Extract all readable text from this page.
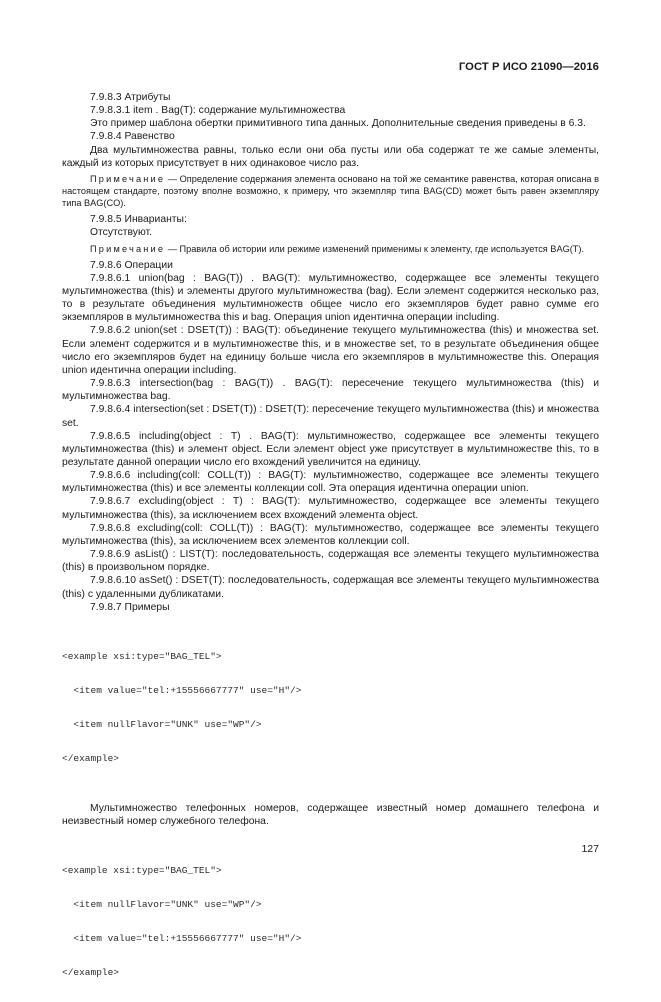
ГОСТ Р ИСО 21090—2016

7.9.8.3 Атрибуты

7.9.8.3.1 item . Bag(T): содержание мультимножества

Это пример шаблона обертки примитивного типа данных. Дополнительные сведения приведены в 6.3.

7.9.8.4 Равенство

Два мультимножества равны, только если они оба пусты или оба содержат те же самые элементы, каждый из которых присутствует в них одинаковое число раз.

Примечание — Определение содержания элемента основано на той же семантике равенства, которая описана в настоящем стандарте, поэтому вполне возможно, к примеру, что экземпляр типа BAG(CD) может быть равен экземпляру типа BAG(CO).

7.9.8.5 Инварианты:

Отсутствуют.

Примечание — Правила об истории или режиме изменений применимы к элементу, где используется BAG(T).

7.9.8.6 Операции

7.9.8.6.1 union(bag : BAG(T)) . BAG(T): мультимножество, содержащее все элементы текущего мультимножества (this) и элементы другого мультимножества (bag). Если элемент содержится несколько раз, то в результате объединения мультимножеств общее число его экземпляров будет равно сумме его экземпляров в мультимножества this и bag. Операция union идентична операции including.

7.9.8.6.2 union(set : DSET(T)) : BAG(T): объединение текущего мультимножества (this) и множества set. Если элемент содержится и в мультимножестве this, и в множестве set, то в результате объединения общее число его экземпляров будет на единицу больше числа его экземпляров в мультимножестве this. Операция union идентична операции including.

7.9.8.6.3 intersection(bag : BAG(T)) . BAG(T): пересечение текущего мультимножества (this) и мультимножества bag.

7.9.8.6.4 intersection(set : DSET(T)) : DSET(T): пересечение текущего мультимножества (this) и множества set.

7.9.8.6.5 including(object : T) . BAG(T): мультимножество, содержащее все элементы текущего мультимножества (this) и элемент object. Если элемент object уже присутствует в мультимножестве this, то в результате данной операции число его вхождений увеличится на единицу.

7.9.8.6.6 including(coll: COLL(T)) : BAG(T): мультимножество, содержащее все элементы текущего мультимножества (this) и все элементы коллекции coll. Эта операция идентична операции union.

7.9.8.6.7 excluding(object : T) : BAG(T): мультимножество, содержащее все элементы текущего мультимножества (this), за исключением всех вхождений элемента object.

7.9.8.6.8 excluding(coll: COLL(T)) : BAG(T): мультимножество, содержащее все элементы текущего мультимножества (this), за исключением всех элементов коллекции coll.

7.9.8.6.9 asList() : LIST(T): последовательность, содержащая все элементы текущего мультимножества (this) в произвольном порядке.

7.9.8.6.10 asSet() : DSET(T): последовательность, содержащая все элементы текущего мультимножества (this) с удаленными дубликатами.

7.9.8.7 Примеры

<example xsi:type="BAG_TEL">

<item value="tel:+15556667777" use="H"/>

<item nullFlavor="UNK" use="WP"/>

</example>

Мультимножество телефонных номеров, содержащее известный номер домашнего телефона и неизвестный номер служебного телефона.

<example xsi:type="BAG_TEL">

<item nullFlavor="UNK" use="WP"/>

<item value="tel:+15556667777" use="H"/>

</example>

127
